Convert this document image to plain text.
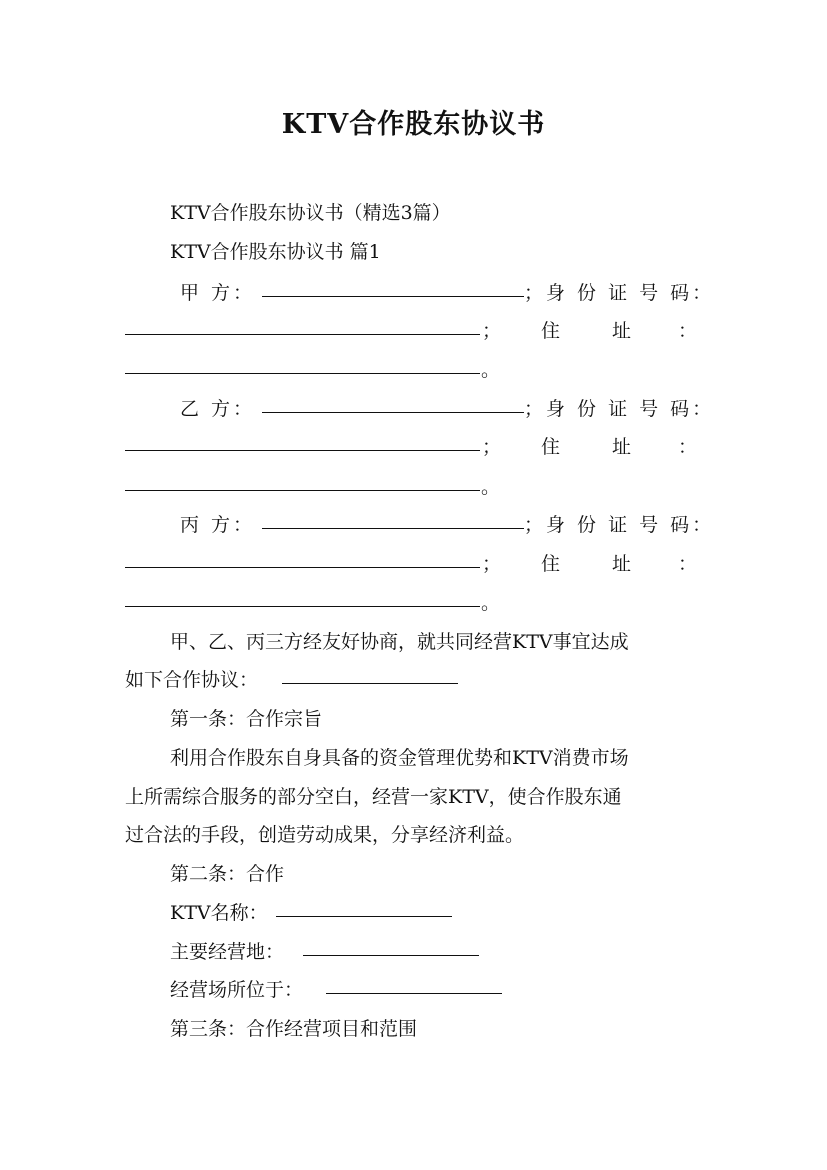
KTV合作股东协议书
KTV合作股东协议书（精选3篇）
KTV合作股东协议书 篇1
甲 方：	；身 份 证 号 码：
； 住	址 ：
。
乙 方：	；身 份 证 号 码：
； 住	址 ：
。
丙 方：	；身 份 证 号 码：
； 住	址 ：
。
甲、乙、丙三方经友好协商，就共同经营KTV事宜达成
如下合作协议：
第一条：合作宗旨
利用合作股东自身具备的资金管理优势和KTV消费市场
上所需综合服务的部分空白，经营一家KTV，使合作股东通
过合法的手段，创造劳动成果，分享经济利益。
第二条：合作
KTV名称：
主要经营地：
经营场所位于：
第三条：合作经营项目和范围
